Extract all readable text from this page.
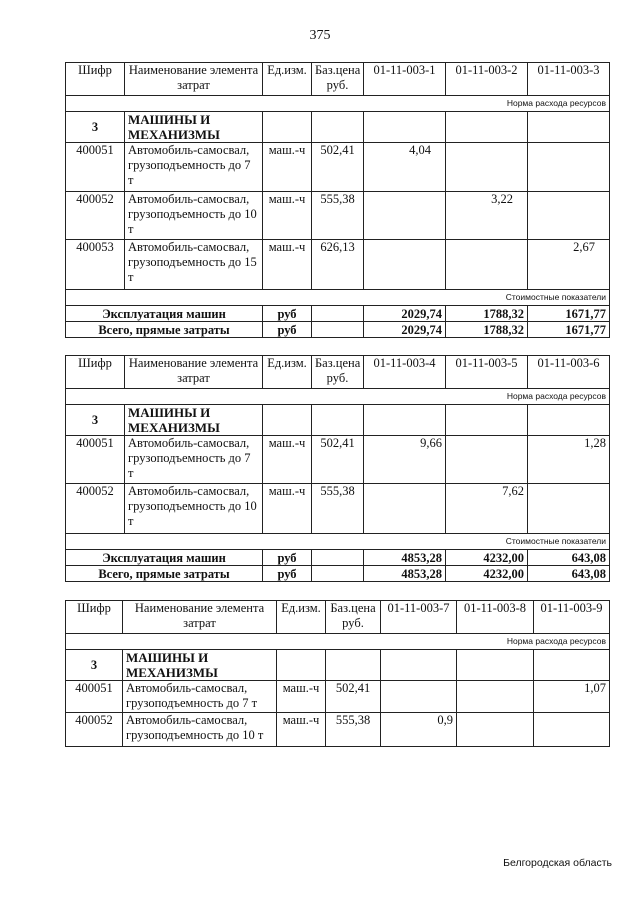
375
Шифр	Наименование элемента затрат	Ед.изм.	Баз.цена руб.	01-11-003-1	01-11-003-2	01-11-003-3
Норма расхода ресурсов						
3	МАШИНЫ И МЕХАНИЗМЫ					
400051	Автомобиль-самосвал, грузоподъемность до 7 т	маш.-ч	502,41	4,04		
400052	Автомобиль-самосвал, грузоподъемность до 10 т	маш.-ч	555,38		3,22	
400053	Автомобиль-самосвал, грузоподъемность до 15 т	маш.-ч	626,13			2,67
Стоимостные показатели						
Эксплуатация машин		руб		2029,74	1788,32	1671,77
Всего, прямые затраты		руб		2029,74	1788,32	1671,77
Шифр	Наименование элемента затрат	Ед.изм.	Баз.цена руб.	01-11-003-4	01-11-003-5	01-11-003-6
Норма расхода ресурсов						
3	МАШИНЫ И МЕХАНИЗМЫ					
400051	Автомобиль-самосвал, грузоподъемность до 7 т	маш.-ч	502,41	9,66		1,28
400052	Автомобиль-самосвал, грузоподъемность до 10 т	маш.-ч	555,38		7,62	
Стоимостные показатели						
Эксплуатация машин		руб		4853,28	4232,00	643,08
Всего, прямые затраты		руб		4853,28	4232,00	643,08
Шифр	Наименование элемента затрат	Ед.изм.	Баз.цена руб.	01-11-003-7	01-11-003-8	01-11-003-9
Норма расхода ресурсов						
3	МАШИНЫ И МЕХАНИЗМЫ					
400051	Автомобиль-самосвал, грузоподъемность до 7 т	маш.-ч	502,41			1,07
400052	Автомобиль-самосвал, грузоподъемность до 10 т	маш.-ч	555,38	0,9		
Белгородская область
